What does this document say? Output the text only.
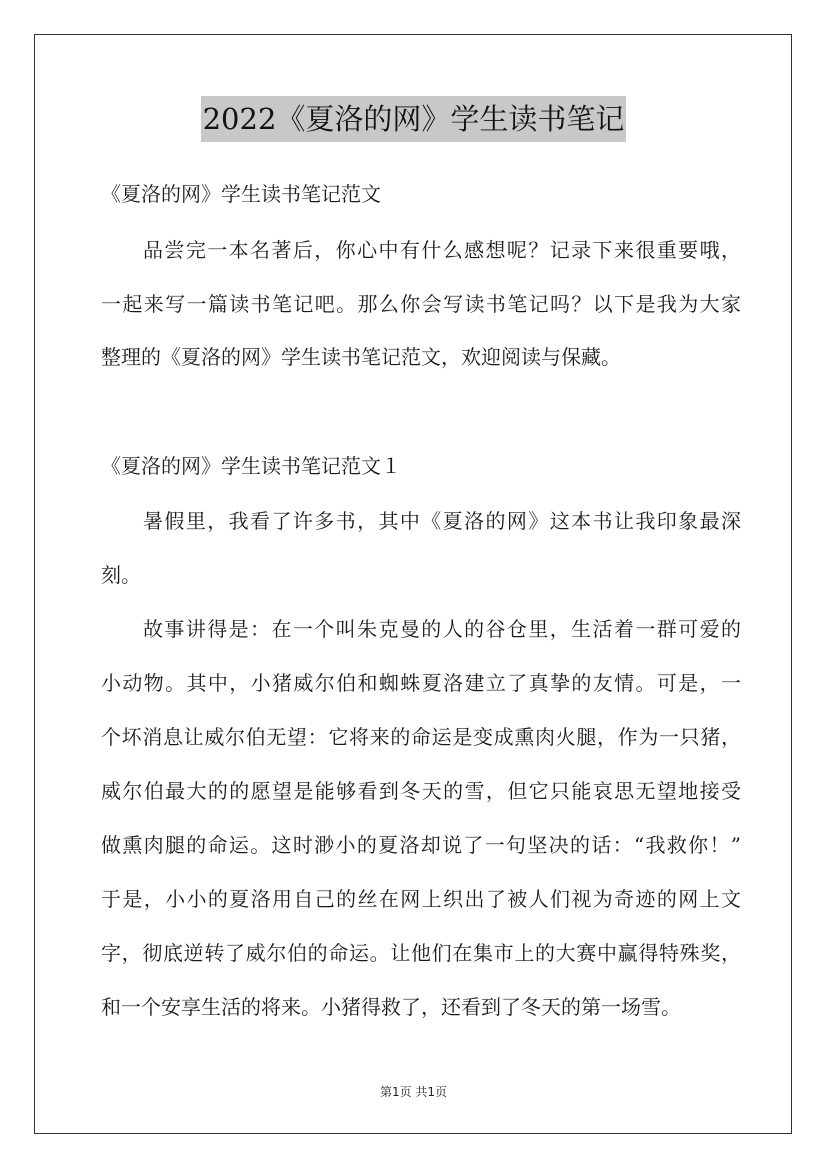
2022《夏洛的网》学生读书笔记
《夏洛的网》学生读书笔记范文
品尝完一本名著后，你心中有什么感想呢？记录下来很重要哦，
一起来写一篇读书笔记吧。那么你会写读书笔记吗？以下是我为大家
整理的《夏洛的网》学生读书笔记范文，欢迎阅读与保藏。
《夏洛的网》学生读书笔记范文１
暑假里，我看了许多书，其中《夏洛的网》这本书让我印象最深
刻。
故事讲得是：在一个叫朱克曼的人的谷仓里，生活着一群可爱的
小动物。其中，小猪威尔伯和蜘蛛夏洛建立了真挚的友情。可是，一
个坏消息让威尔伯无望：它将来的命运是变成熏肉火腿，作为一只猪，
威尔伯最大的的愿望是能够看到冬天的雪，但它只能哀思无望地接受
做熏肉腿的命运。这时渺小的夏洛却说了一句坚决的话：“我救你！”
于是，小小的夏洛用自己的丝在网上织出了被人们视为奇迹的网上文
字，彻底逆转了威尔伯的命运。让他们在集市上的大赛中赢得特殊奖，
和一个安享生活的将来。小猪得救了，还看到了冬天的第一场雪。
第1页 共1页
